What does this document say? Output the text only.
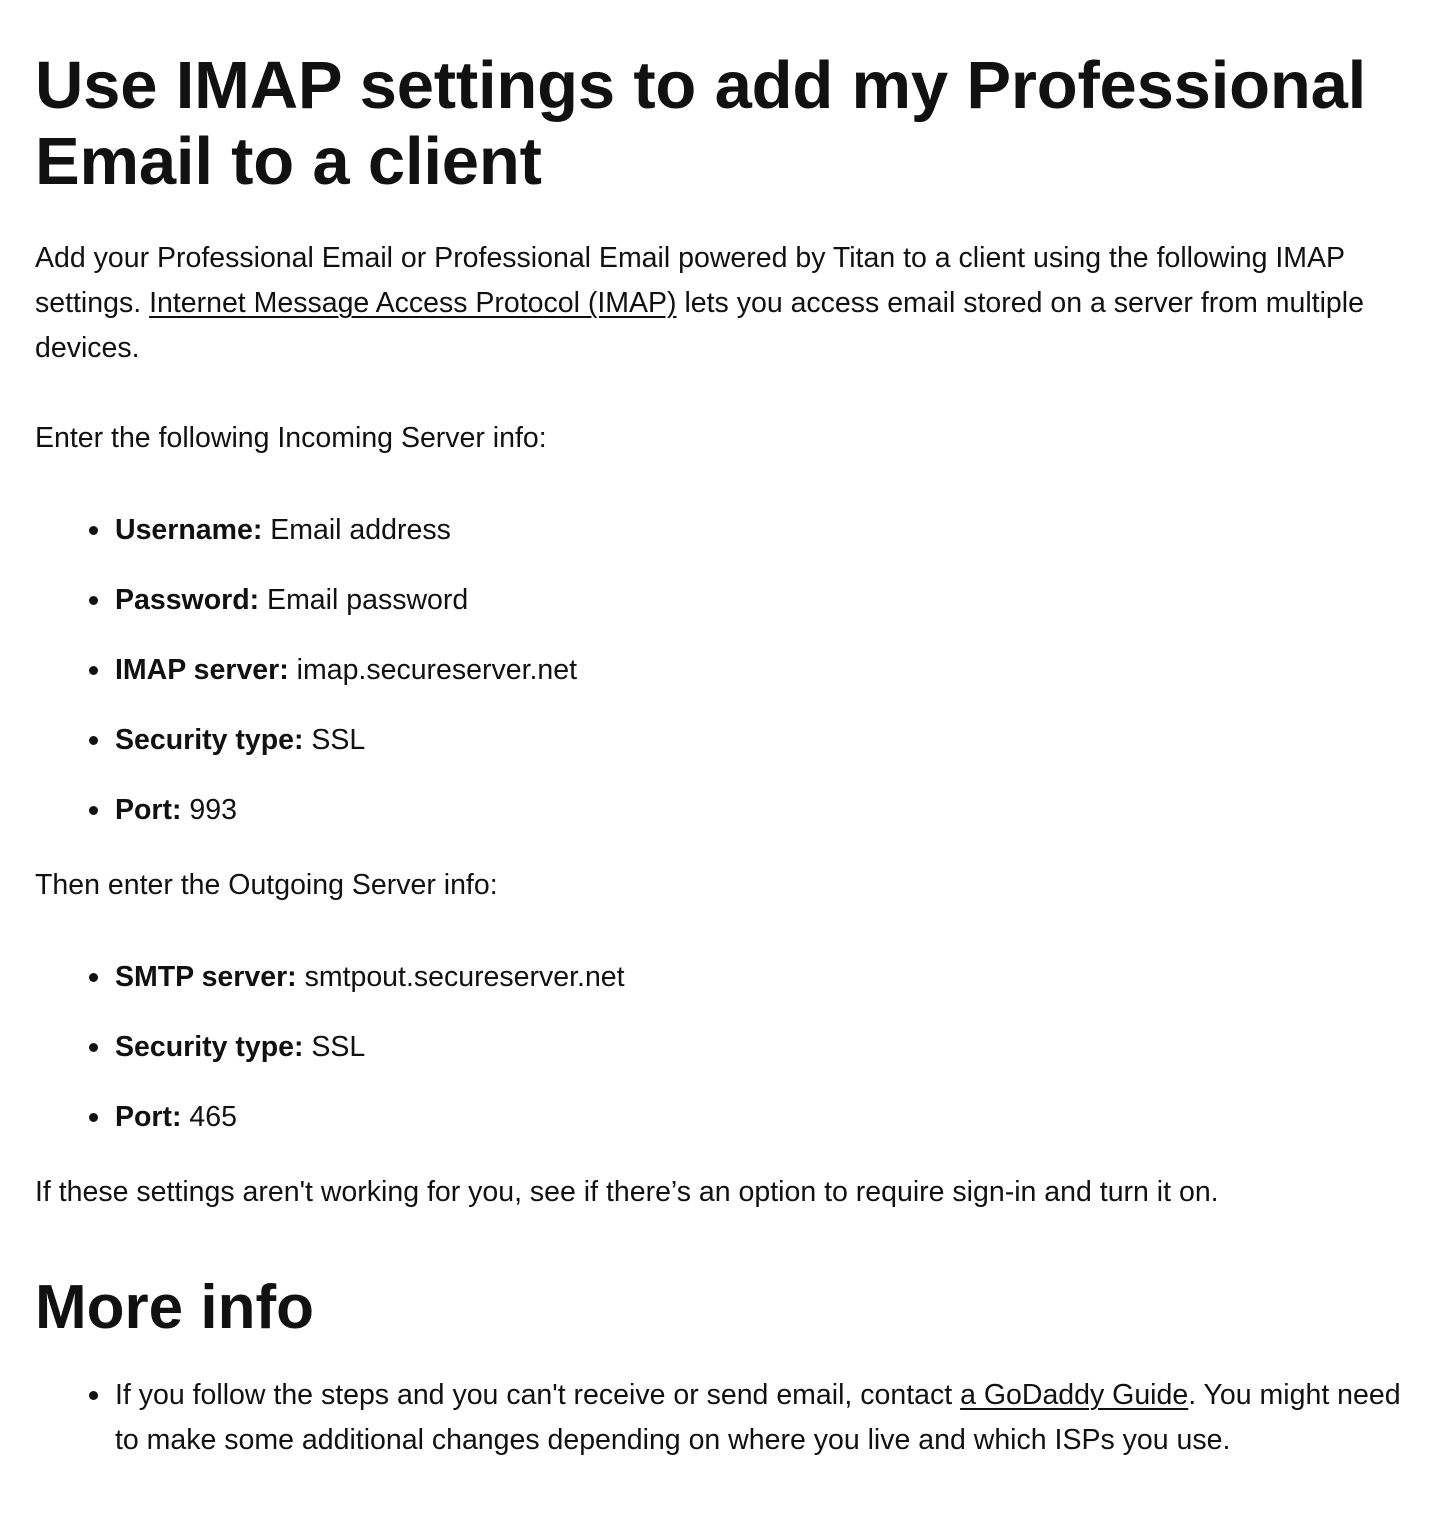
Use IMAP settings to add my Professional Email to a client

Add your Professional Email or Professional Email powered by Titan to a client using the following IMAP settings. Internet Message Access Protocol (IMAP) lets you access email stored on a server from multiple devices.

Enter the following Incoming Server info:

Username: Email address
Password: Email password
IMAP server: imap.secureserver.net
Security type: SSL
Port: 993

Then enter the Outgoing Server info:

SMTP server: smtpout.secureserver.net
Security type: SSL
Port: 465

If these settings aren't working for you, see if there’s an option to require sign-in and turn it on.

More info
If you follow the steps and you can't receive or send email, contact a GoDaddy Guide. You might need to make some additional changes depending on where you live and which ISPs you use.
